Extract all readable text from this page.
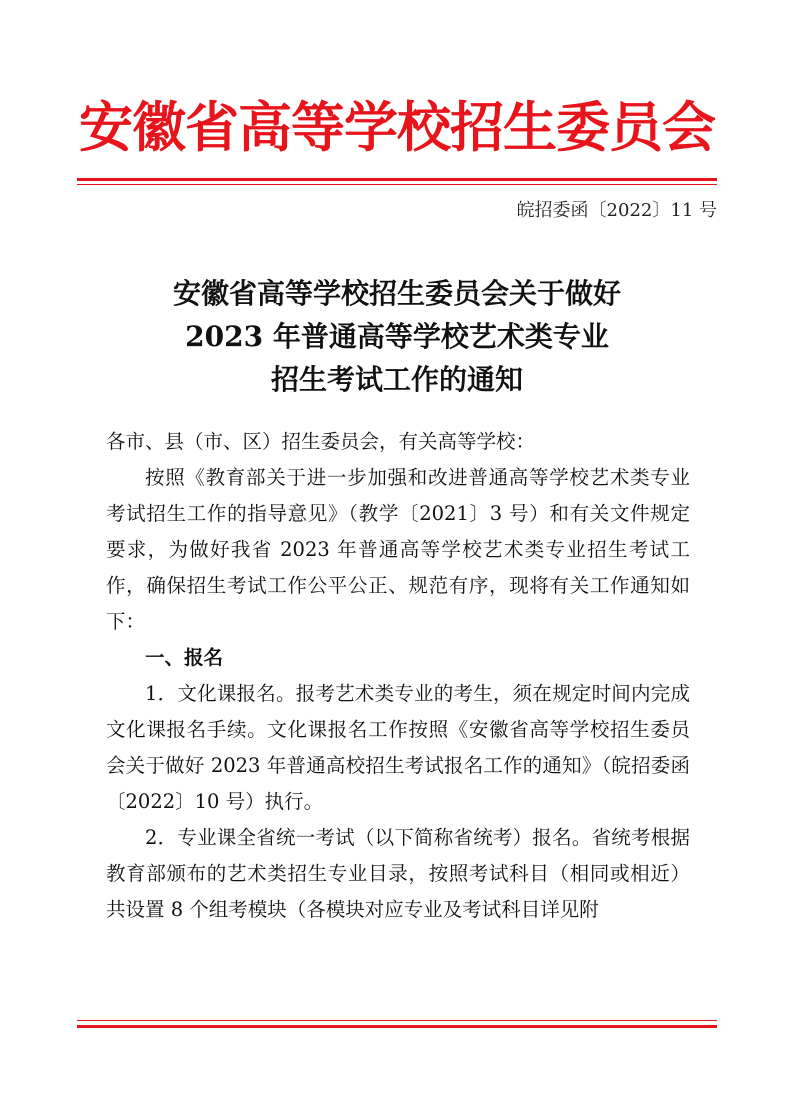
安徽省高等学校招生委员会
皖招委函〔2022〕11 号
安徽省高等学校招生委员会关于做好
2023 年普通高等学校艺术类专业
招生考试工作的通知

各市、县（市、区）招生委员会，有关高等学校：

按照《教育部关于进一步加强和改进普通高等学校艺术类专业考试招生工作的指导意见》（教学〔2021〕3 号）和有关文件规定要求，为做好我省 2023 年普通高等学校艺术类专业招生考试工作，确保招生考试工作公平公正、规范有序，现将有关工作通知如下：

一、报名

1．文化课报名。报考艺术类专业的考生，须在规定时间内完成文化课报名手续。文化课报名工作按照《安徽省高等学校招生委员会关于做好 2023 年普通高校招生考试报名工作的通知》（皖招委函〔2022〕10 号）执行。

2．专业课全省统一考试（以下简称省统考）报名。省统考根据教育部颁布的艺术类招生专业目录，按照考试科目（相同或相近）共设置 8 个组考模块（各模块对应专业及考试科目详见附
